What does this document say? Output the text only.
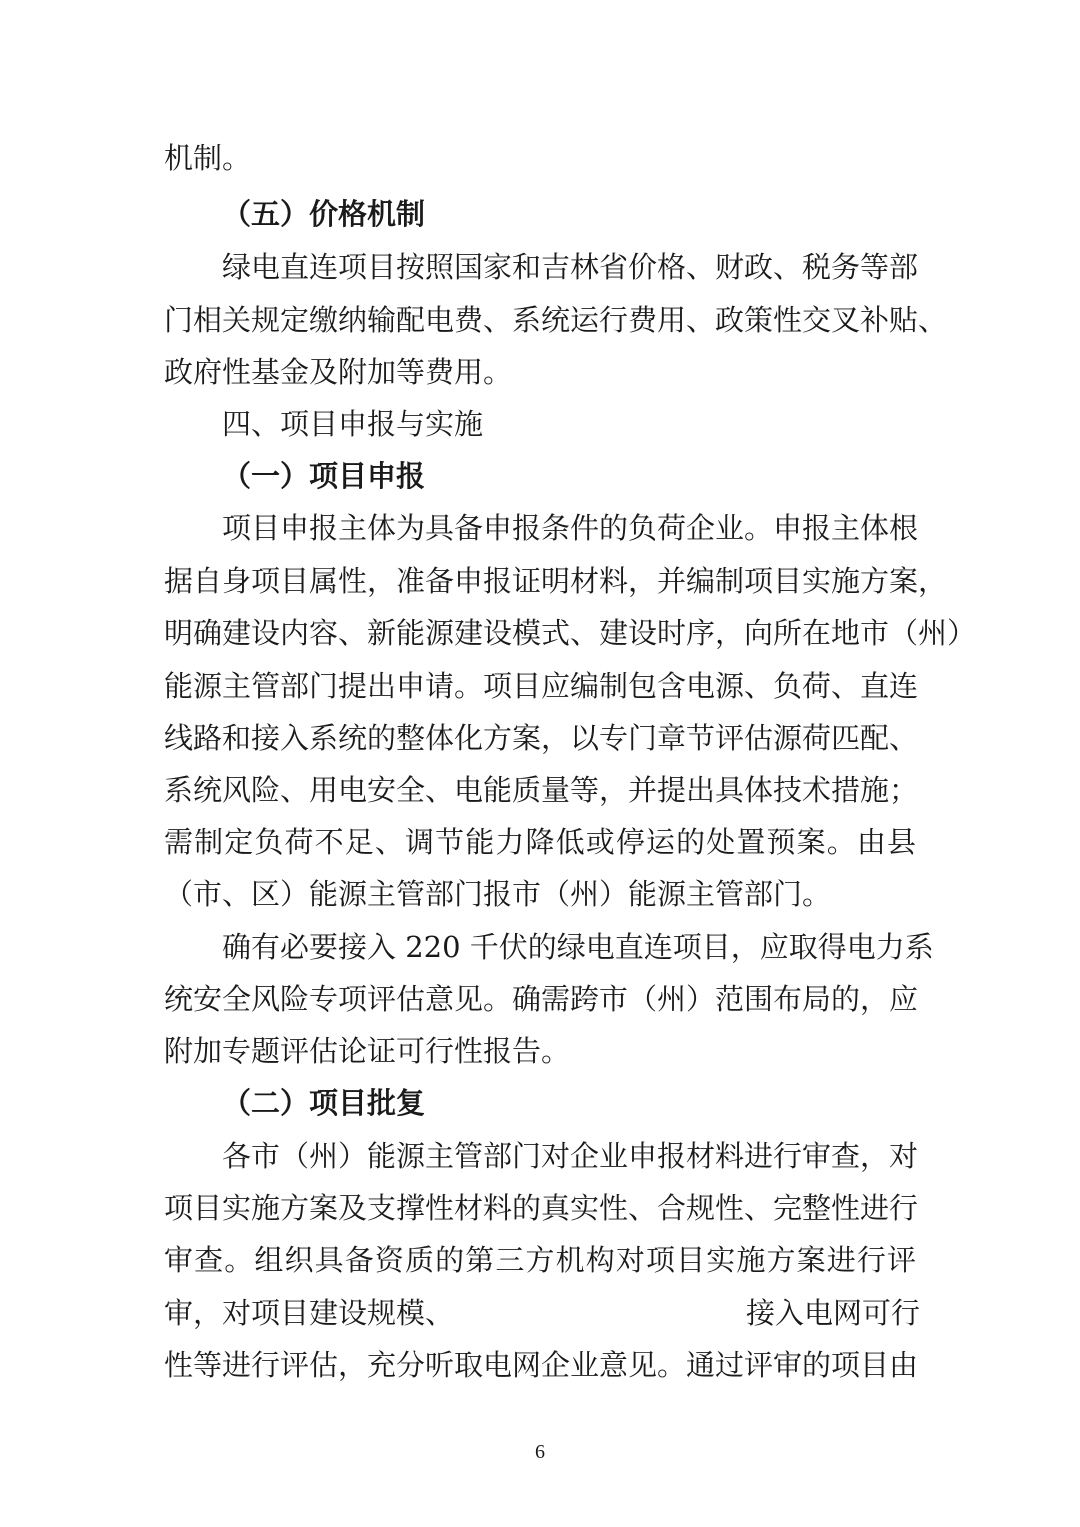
机制。
（五）价格机制
绿电直连项目按照国家和吉林省价格、财政、税务等部
门相关规定缴纳输配电费、系统运行费用、政策性交叉补贴、
政府性基金及附加等费用。
四、项目申报与实施
（一）项目申报
项目申报主体为具备申报条件的负荷企业。申报主体根
据自身项目属性，准备申报证明材料，并编制项目实施方案，
明确建设内容、新能源建设模式、建设时序，向所在地市（州）
能源主管部门提出申请。项目应编制包含电源、负荷、直连
线路和接入系统的整体化方案，以专门章节评估源荷匹配、
系统风险、用电安全、电能质量等，并提出具体技术措施；
需制定负荷不足、调节能力降低或停运的处置预案。由县
（市、区）能源主管部门报市（州）能源主管部门。
确有必要接入 220 千伏的绿电直连项目，应取得电力系
统安全风险专项评估意见。确需跨市（州）范围布局的，应
附加专题评估论证可行性报告。
（二）项目批复
各市（州）能源主管部门对企业申报材料进行审查，对
项目实施方案及支撑性材料的真实性、合规性、完整性进行
审查。组织具备资质的第三方机构对项目实施方案进行评
审，对项目建设规模、	接入电网可行
性等进行评估，充分听取电网企业意见。通过评审的项目由
6
